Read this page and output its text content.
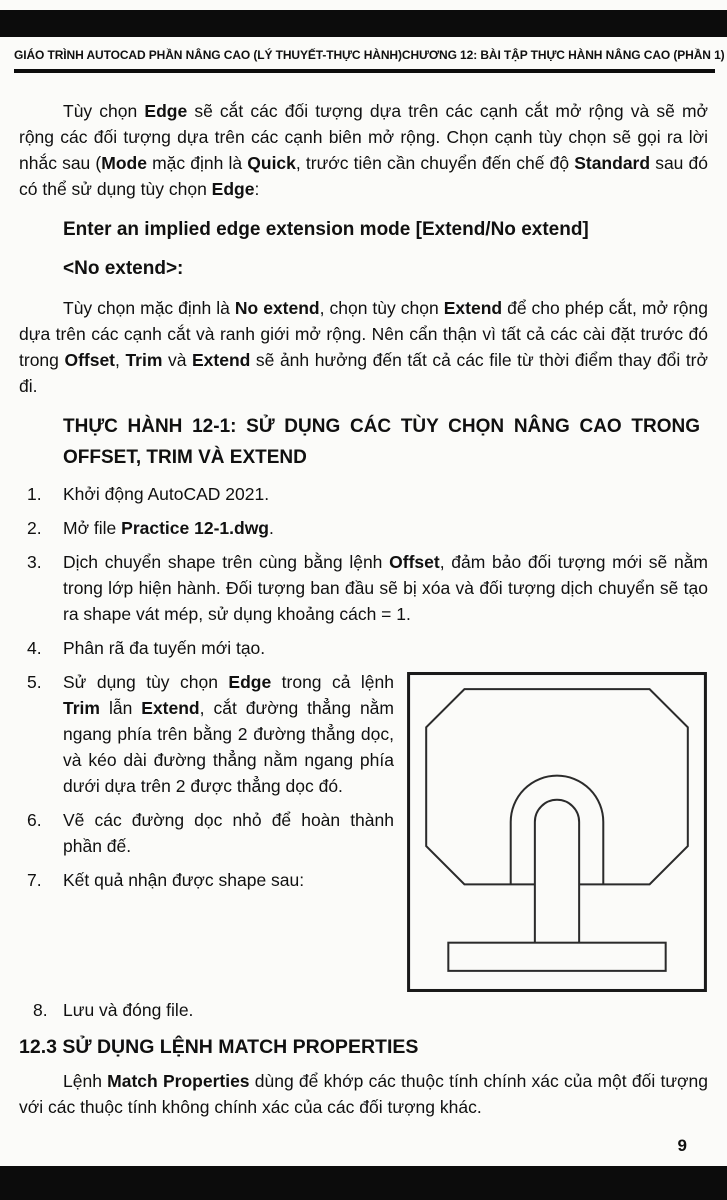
GIÁO TRÌNH AUTOCAD PHẦN NÂNG CAO (LÝ THUYẾT-THỰC HÀNH) CHƯƠNG 12: BÀI TẬP THỰC HÀNH NÂNG CAO (PHẦN 1)

Tùy chọn Edge sẽ cắt các đối tượng dựa trên các cạnh cắt mở rộng và sẽ mở rộng các đối tượng dựa trên các cạnh biên mở rộng. Chọn cạnh tùy chọn sẽ gọi ra lời nhắc sau (Mode mặc định là Quick, trước tiên cần chuyển đến chế độ Standard sau đó có thể sử dụng tùy chọn Edge:

Enter an implied edge extension mode [Extend/No extend]
<No extend>:

Tùy chọn mặc định là No extend, chọn tùy chọn Extend để cho phép cắt, mở rộng dựa trên các cạnh cắt và ranh giới mở rộng. Nên cẩn thận vì tất cả các cài đặt trước đó trong Offset, Trim và Extend sẽ ảnh hưởng đến tất cả các file từ thời điểm thay đổi trở đi.

THỰC HÀNH 12-1: SỬ DỤNG CÁC TÙY CHỌN NÂNG CAO TRONG OFFSET, TRIM VÀ EXTEND
1. Khởi động AutoCAD 2021.
2. Mở file Practice 12-1.dwg.
3. Dịch chuyển shape trên cùng bằng lệnh Offset, đảm bảo đối tượng mới sẽ nằm trong lớp hiện hành. Đối tượng ban đầu sẽ bị xóa và đối tượng dịch chuyển sẽ tạo ra shape vát mép, sử dụng khoảng cách = 1.
4. Phân rã đa tuyến mới tạo.
5. Sử dụng tùy chọn Edge trong cả lệnh Trim lẫn Extend, cắt đường thẳng nằm ngang phía trên bằng 2 đường thẳng dọc, và kéo dài đường thẳng nằm ngang phía dưới dựa trên 2 được thẳng dọc đó.
6. Vẽ các đường dọc nhỏ để hoàn thành phần đế.
7. Kết quả nhận được shape sau:
8. Lưu và đóng file.
12.3 SỬ DỤNG LỆNH MATCH PROPERTIES

Lệnh Match Properties dùng để khớp các thuộc tính chính xác của một đối tượng với các thuộc tính không chính xác của các đối tượng khác.

9
